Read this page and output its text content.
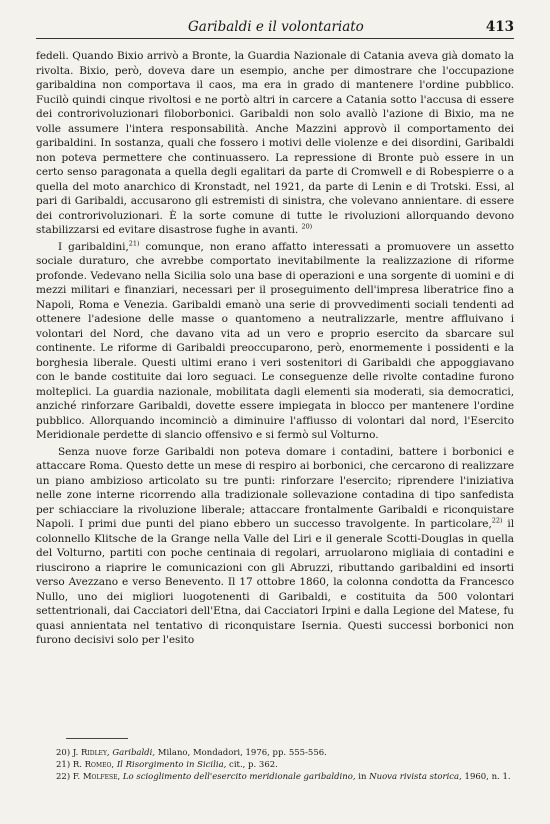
Garibaldi e il volontariato	413

fedeli. Quando Bixio arrivò a Bronte, la Guardia Nazionale di Catania aveva già domato la rivolta. Bixio, però, doveva dare un esempio, anche per dimostrare che l'occupazione garibaldina non comportava il caos, ma era in grado di mantenere l'ordine pubblico. Fucilò quindi cinque rivoltosi e ne portò altri in carcere a Catania sotto l'accusa di essere dei controrivoluzionari filoborbonici. Garibaldi non solo avallò l'azione di Bixio, ma ne volle assumere l'intera responsabilità. Anche Mazzini approvò il comportamento dei garibaldini. In sostanza, quali che fossero i motivi delle violenze e dei disordini, Garibaldi non poteva permettere che continuassero. La repressione di Bronte può essere in un certo senso paragonata a quella degli egalitari da parte di Cromwell e di Robespierre o a quella del moto anarchico di Kronstadt, nel 1921, da parte di Lenin e di Trotski. Essi, al pari di Garibaldi, accusarono gli estremisti di sinistra, che volevano annientare. di essere dei controrivoluzionari. È la sorte comune di tutte le rivoluzioni allorquando devono stabilizzarsi ed evitare disastrose fughe in avanti. $^{20)}$

I garibaldini,$^{21)}$ comunque, non erano affatto interessati a promuovere un assetto sociale duraturo, che avrebbe comportato inevitabilmente la realizzazione di riforme profonde. Vedevano nella Sicilia solo una base di operazioni e una sorgente di uomini e di mezzi militari e finanziari, necessari per il proseguimento dell'impresa liberatrice fino a Napoli, Roma e Venezia. Garibaldi emanò una serie di provvedimenti sociali tendenti ad ottenere l'adesione delle masse o quantomeno a neutralizzarle, mentre affluivano i volontari del Nord, che davano vita ad un vero e proprio esercito da sbarcare sul continente. Le riforme di Garibaldi preoccuparono, però, enormemente i possidenti e la borghesia liberale. Questi ultimi erano i veri sostenitori di Garibaldi che appoggiavano con le bande costituite dai loro seguaci. Le conseguenze delle rivolte contadine furono molteplici. La guardia nazionale, mobilitata dagli elementi sia moderati, sia democratici, anziché rinforzare Garibaldi, dovette essere impiegata in blocco per mantenere l'ordine pubblico. Allorquando incominciò a diminuire l'affiusso di volontari dal nord, l'Esercito Meridionale perdette di slancio offensivo e si fermò sul Volturno.

Senza nuove forze Garibaldi non poteva domare i contadini, battere i borbonici e attaccare Roma. Questo dette un mese di respiro ai borbonici, che cercarono di realizzare un piano ambizioso articolato su tre punti: rinforzare l'esercito; riprendere l'iniziativa nelle zone interne ricorrendo alla tradizionale sollevazione contadina di tipo sanfedista per schiacciare la rivoluzione liberale; attaccare frontalmente Garibaldi e riconquistare Napoli. I primi due punti del piano ebbero un successo travolgente. In particolare,$^{22)}$ il colonnello Klitsche de la Grange nella Valle del Liri e il generale Scotti-Douglas in quella del Volturno, partiti con poche centinaia di regolari, arruolarono migliaia di contadini e riuscirono a riaprire le comunicazioni con gli Abruzzi, ributtando garibaldini ed insorti verso Avezzano e verso Benevento. Il 17 ottobre 1860, la colonna condotta da Francesco Nullo, uno dei migliori luogotenenti di Garibaldi, e costituita da 500 volontari settentrionali, dai Cacciatori dell'Etna, dai Cacciatori Irpini e dalla Legione del Matese, fu quasi annientata nel tentativo di riconquistare Isernia. Questi successi borbonici non furono decisivi solo per l'esito

20) J. Ridley, Garibaldi, Milano, Mondadori, 1976, pp. 555-556.

21) R. Romeo, Il Risorgimento in Sicilia, cit., p. 362.

22) F. Molfese, Lo scioglimento dell'esercito meridionale garibaldino, in Nuova rivista storica, 1960, n. 1.
